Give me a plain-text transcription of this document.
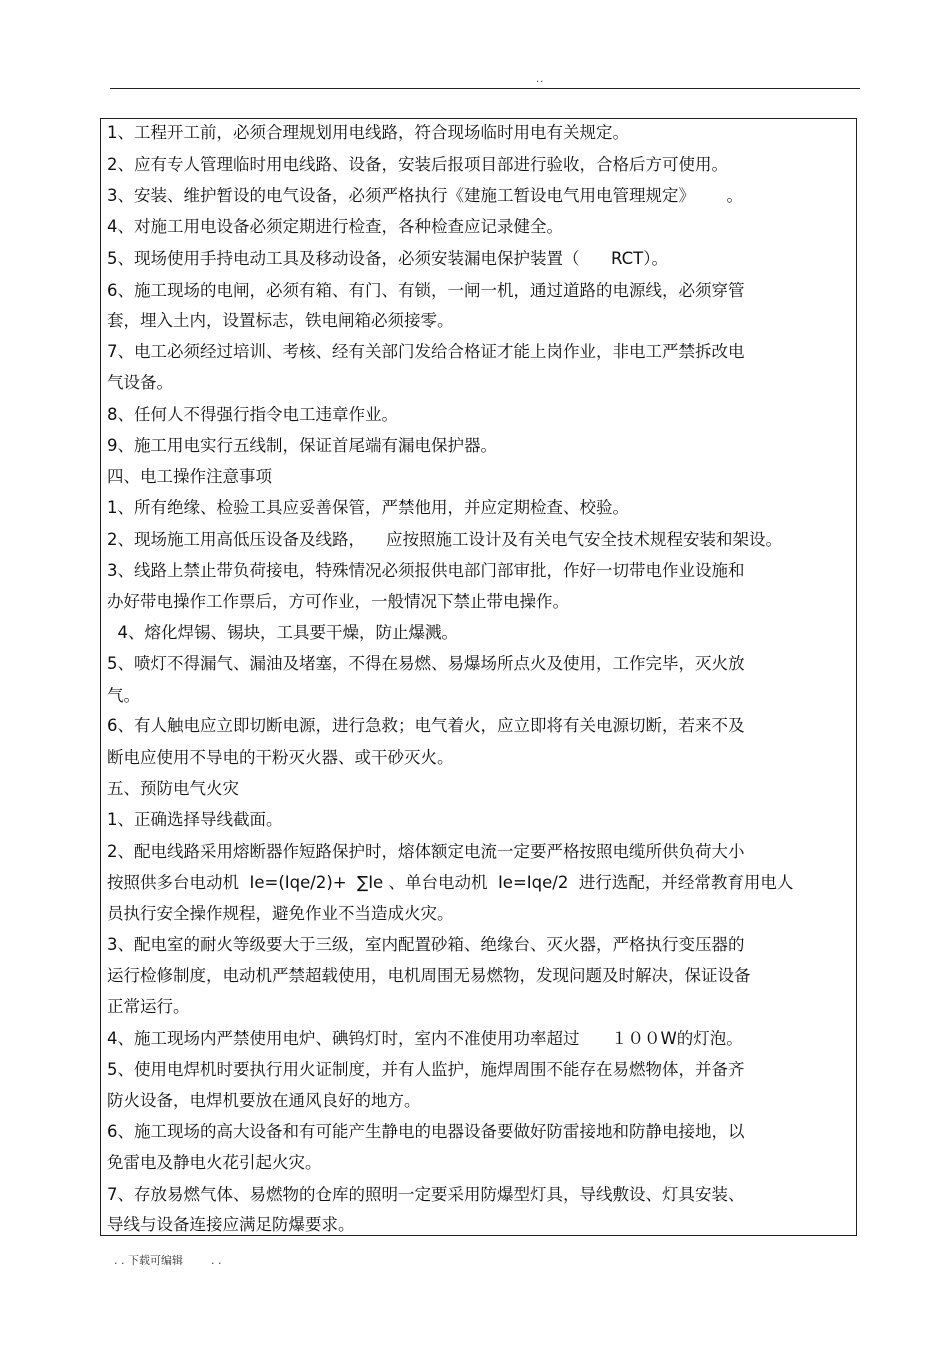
..
1、工程开工前，必须合理规划用电线路，符合现场临时用电有关规定。
2、应有专人管理临时用电线路、设备，安装后报项目部进行验收，合格后方可使用。
3、安装、维护暂设的电气设备，必须严格执行《建施工暂设电气用电管理规定》      。
4、对施工用电设备必须定期进行检查，各种检查应记录健全。
5、现场使用手持电动工具及移动设备，必须安装漏电保护装置（      RCT）。
6、施工现场的电闸，必须有箱、有门、有锁，一闸一机，通过道路的电源线，必须穿管
套，埋入土内，设置标志，铁电闸箱必须接零。
7、电工必须经过培训、考核、经有关部门发给合格证才能上岗作业，非电工严禁拆改电
气设备。
8、任何人不得强行指令电工违章作业。
9、施工用电实行五线制，保证首尾端有漏电保护器。
四、电工操作注意事项
1、所有绝缘、检验工具应妥善保管，严禁他用，并应定期检查、校验。
2、现场施工用高低压设备及线路，    应按照施工设计及有关电气安全技术规程安装和架设。
3、线路上禁止带负荷接电，特殊情况必须报供电部门部审批，作好一切带电作业设施和
办好带电操作工作票后，方可作业，一般情况下禁止带电操作。
4、熔化焊锡、锡块，工具要干燥，防止爆溅。
5、喷灯不得漏气、漏油及堵塞，不得在易燃、易爆场所点火及使用，工作完毕，灭火放
气。
6、有人触电应立即切断电源，进行急救；电气着火，应立即将有关电源切断，若来不及
断电应使用不导电的干粉灭火器、或干砂灭火。
五、预防电气火灾
1、正确选择导线截面。
2、配电线路采用熔断器作短路保护时，熔体额定电流一定要严格按照电缆所供负荷大小
按照供多台电动机  Ie=(Iqe/2)+  ∑Ie 、单台电动机  Ie=Iqe/2  进行选配，并经常教育用电人
员执行安全操作规程，避免作业不当造成火灾。
3、配电室的耐火等级要大于三级，室内配置砂箱、绝缘台、灭火器，严格执行变压器的
运行检修制度，电动机严禁超载使用，电机周围无易燃物，发现问题及时解决，保证设备
正常运行。
4、施工现场内严禁使用电炉、碘钨灯时，室内不准使用功率超过      １００W的灯泡。
5、使用电焊机时要执行用火证制度，并有人监护，施焊周围不能存在易燃物体，并备齐
防火设备，电焊机要放在通风良好的地方。
6、施工现场的高大设备和有可能产生静电的电器设备要做好防雷接地和防静电接地，以
免雷电及静电火花引起火灾。
7、存放易燃气体、易燃物的仓库的照明一定要采用防爆型灯具，导线敷设、灯具安装、
导线与设备连接应满足防爆要求。
. . 下载可编辑        . .
